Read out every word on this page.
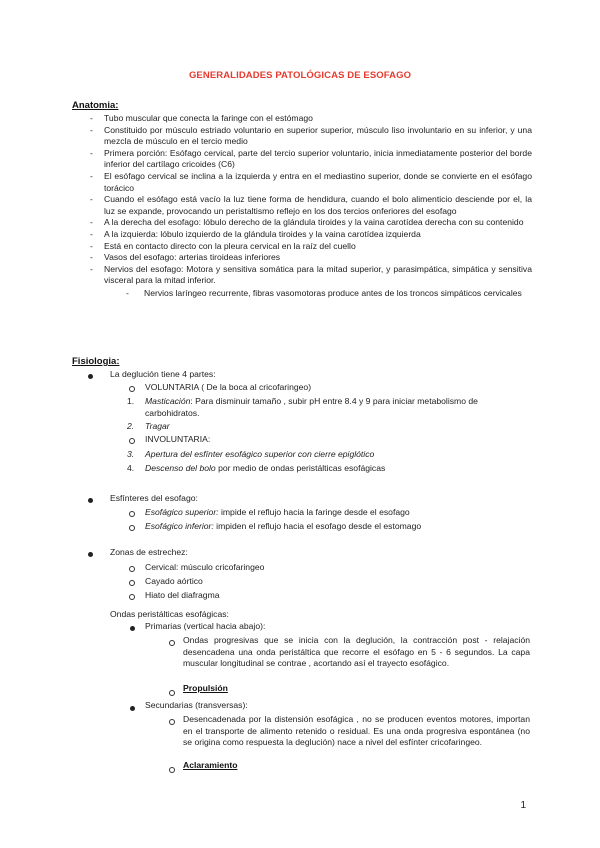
GENERALIDADES PATOLÓGICAS DE ESOFAGO
Anatomia:
- Tubo muscular que conecta la faringe con el estómago
- Constituido por músculo estriado voluntario en superior superior, músculo liso involuntario en su inferior, y una mezcla de músculo en el tercio medio
- Primera porción: Esófago cervical, parte del tercio superior voluntario, inicia inmediatamente posterior del borde inferior del cartílago cricoides (C6)
- El esófago cervical se inclina a la izquierda y entra en el mediastino superior, donde se convierte en el esófago torácico
- Cuando el esófago está vacío la luz tiene forma de hendidura, cuando el bolo alimenticio desciende por el, la luz se expande, provocando un peristaltismo reflejo en los dos tercios onferiores del esofago
- A la derecha del esofago: lóbulo derecho de la glándula tiroides y la vaina carotídea derecha con su contenido
- A la izquierda: lóbulo izquierdo de la glándula tiroides y la vaina carotídea izquierda
- Está en contacto directo con la pleura cervical en la raíz del cuello
- Vasos del esofago: arterias tiroideas inferiores
- Nervios del esofago: Motora y sensitiva somática para la mitad superior, y parasimpática, simpática y sensitiva visceral para la mitad inferior.
- Nervios laríngeo recurrente, fibras vasomotoras produce antes de los troncos simpáticos cervicales
Fisiologia:
La deglución tiene 4 partes:
VOLUNTARIA ( De la boca al cricofaringeo)
1. Masticación: Para disminuir tamaño , subir pH entre 8.4 y 9 para iniciar metabolismo de carbohidratos.
2. Tragar
INVOLUNTARIA:
3. Apertura del esfínter esofágico superior con cierre epiglótico
4. Descenso del bolo por medio de ondas peristálticas esofágicas
Esfínteres del esofago:
Esofágico superior: impide el reflujo hacia la faringe desde el esofago
Esofágico inferior: impiden el reflujo hacia el esofago desde el estomago
Zonas de estrechez:
Cervical: músculo cricofaringeo
Cayado aórtico
Hiato del diafragma
Ondas peristálticas esofágicas:
Primarias (vertical hacia abajo):
Ondas progresivas que se inicia con la deglución, la contracción post - relajación desencadena una onda peristáltica que recorre el esófago en 5 - 6 segundos. La capa muscular longitudinal se contrae , acortando así el trayecto esofágico.
Propulsión
Secundarias (transversas):
Desencadenada por la distensión esofágica , no se producen eventos motores, importan en el transporte de alimento retenido o residual. Es una onda progresiva espontánea (no se origina como respuesta la deglución) nace a nivel del esfínter cricofaringeo.
Aclaramiento
1
